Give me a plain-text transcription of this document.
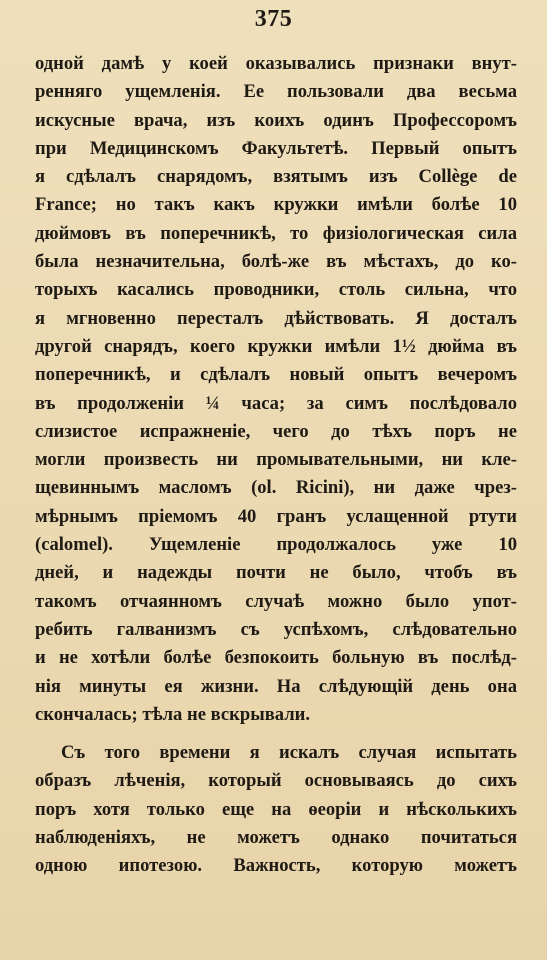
375
одной дамѣ у коей оказывались признаки внут-
ренняго ущемленія. Ее пользовали два весьма
искусные врача, изъ коихъ одинъ Профессоромъ
при Медицинскомъ Факультетѣ. Первый опытъ
я сдѣлалъ снарядомъ, взятымъ изъ Collège de
France; но такъ какъ кружки имѣли болѣе 10
дюймовъ въ поперечникѣ, то физіологическая сила
была незначительна, болѣ-же въ мѣстахъ, до ко-
торыхъ касались проводники, столь сильна, что
я мгновенно пересталъ дѣйствовать. Я досталъ
другой снарядъ, коего кружки имѣли 1½ дюйма въ
поперечникѣ, и сдѣлалъ новый опытъ вечеромъ
въ продолженіи ¼ часа; за симъ послѣдовало
слизистое испражненіе, чего до тѣхъ поръ не
могли произвесть ни промывательными, ни кле-
щевиннымъ масломъ (ol. Ricini), ни даже чрез-
мѣрнымъ пріемомъ 40 гранъ услащенной ртути
(calomel). Ущемленіе продолжалось уже 10
дней, и надежды почти не было, чтобъ въ
такомъ отчаянномъ случаѣ можно было упот-
ребить галванизмъ съ успѣхомъ, слѣдовательно
и не хотѣли болѣе безпокоить больную въ послѣд-
нія минуты ея жизни. На слѣдующій день она
скончалась; тѣла не вскрывали.
Съ того времени я искалъ случая испытать
образъ лѣченія, который основываясь до сихъ
поръ хотя только еще на ѳеоріи и нѣсколькихъ
наблюденіяхъ, не можетъ однако почитаться
одною ипотезою. Важность, которую можетъ
